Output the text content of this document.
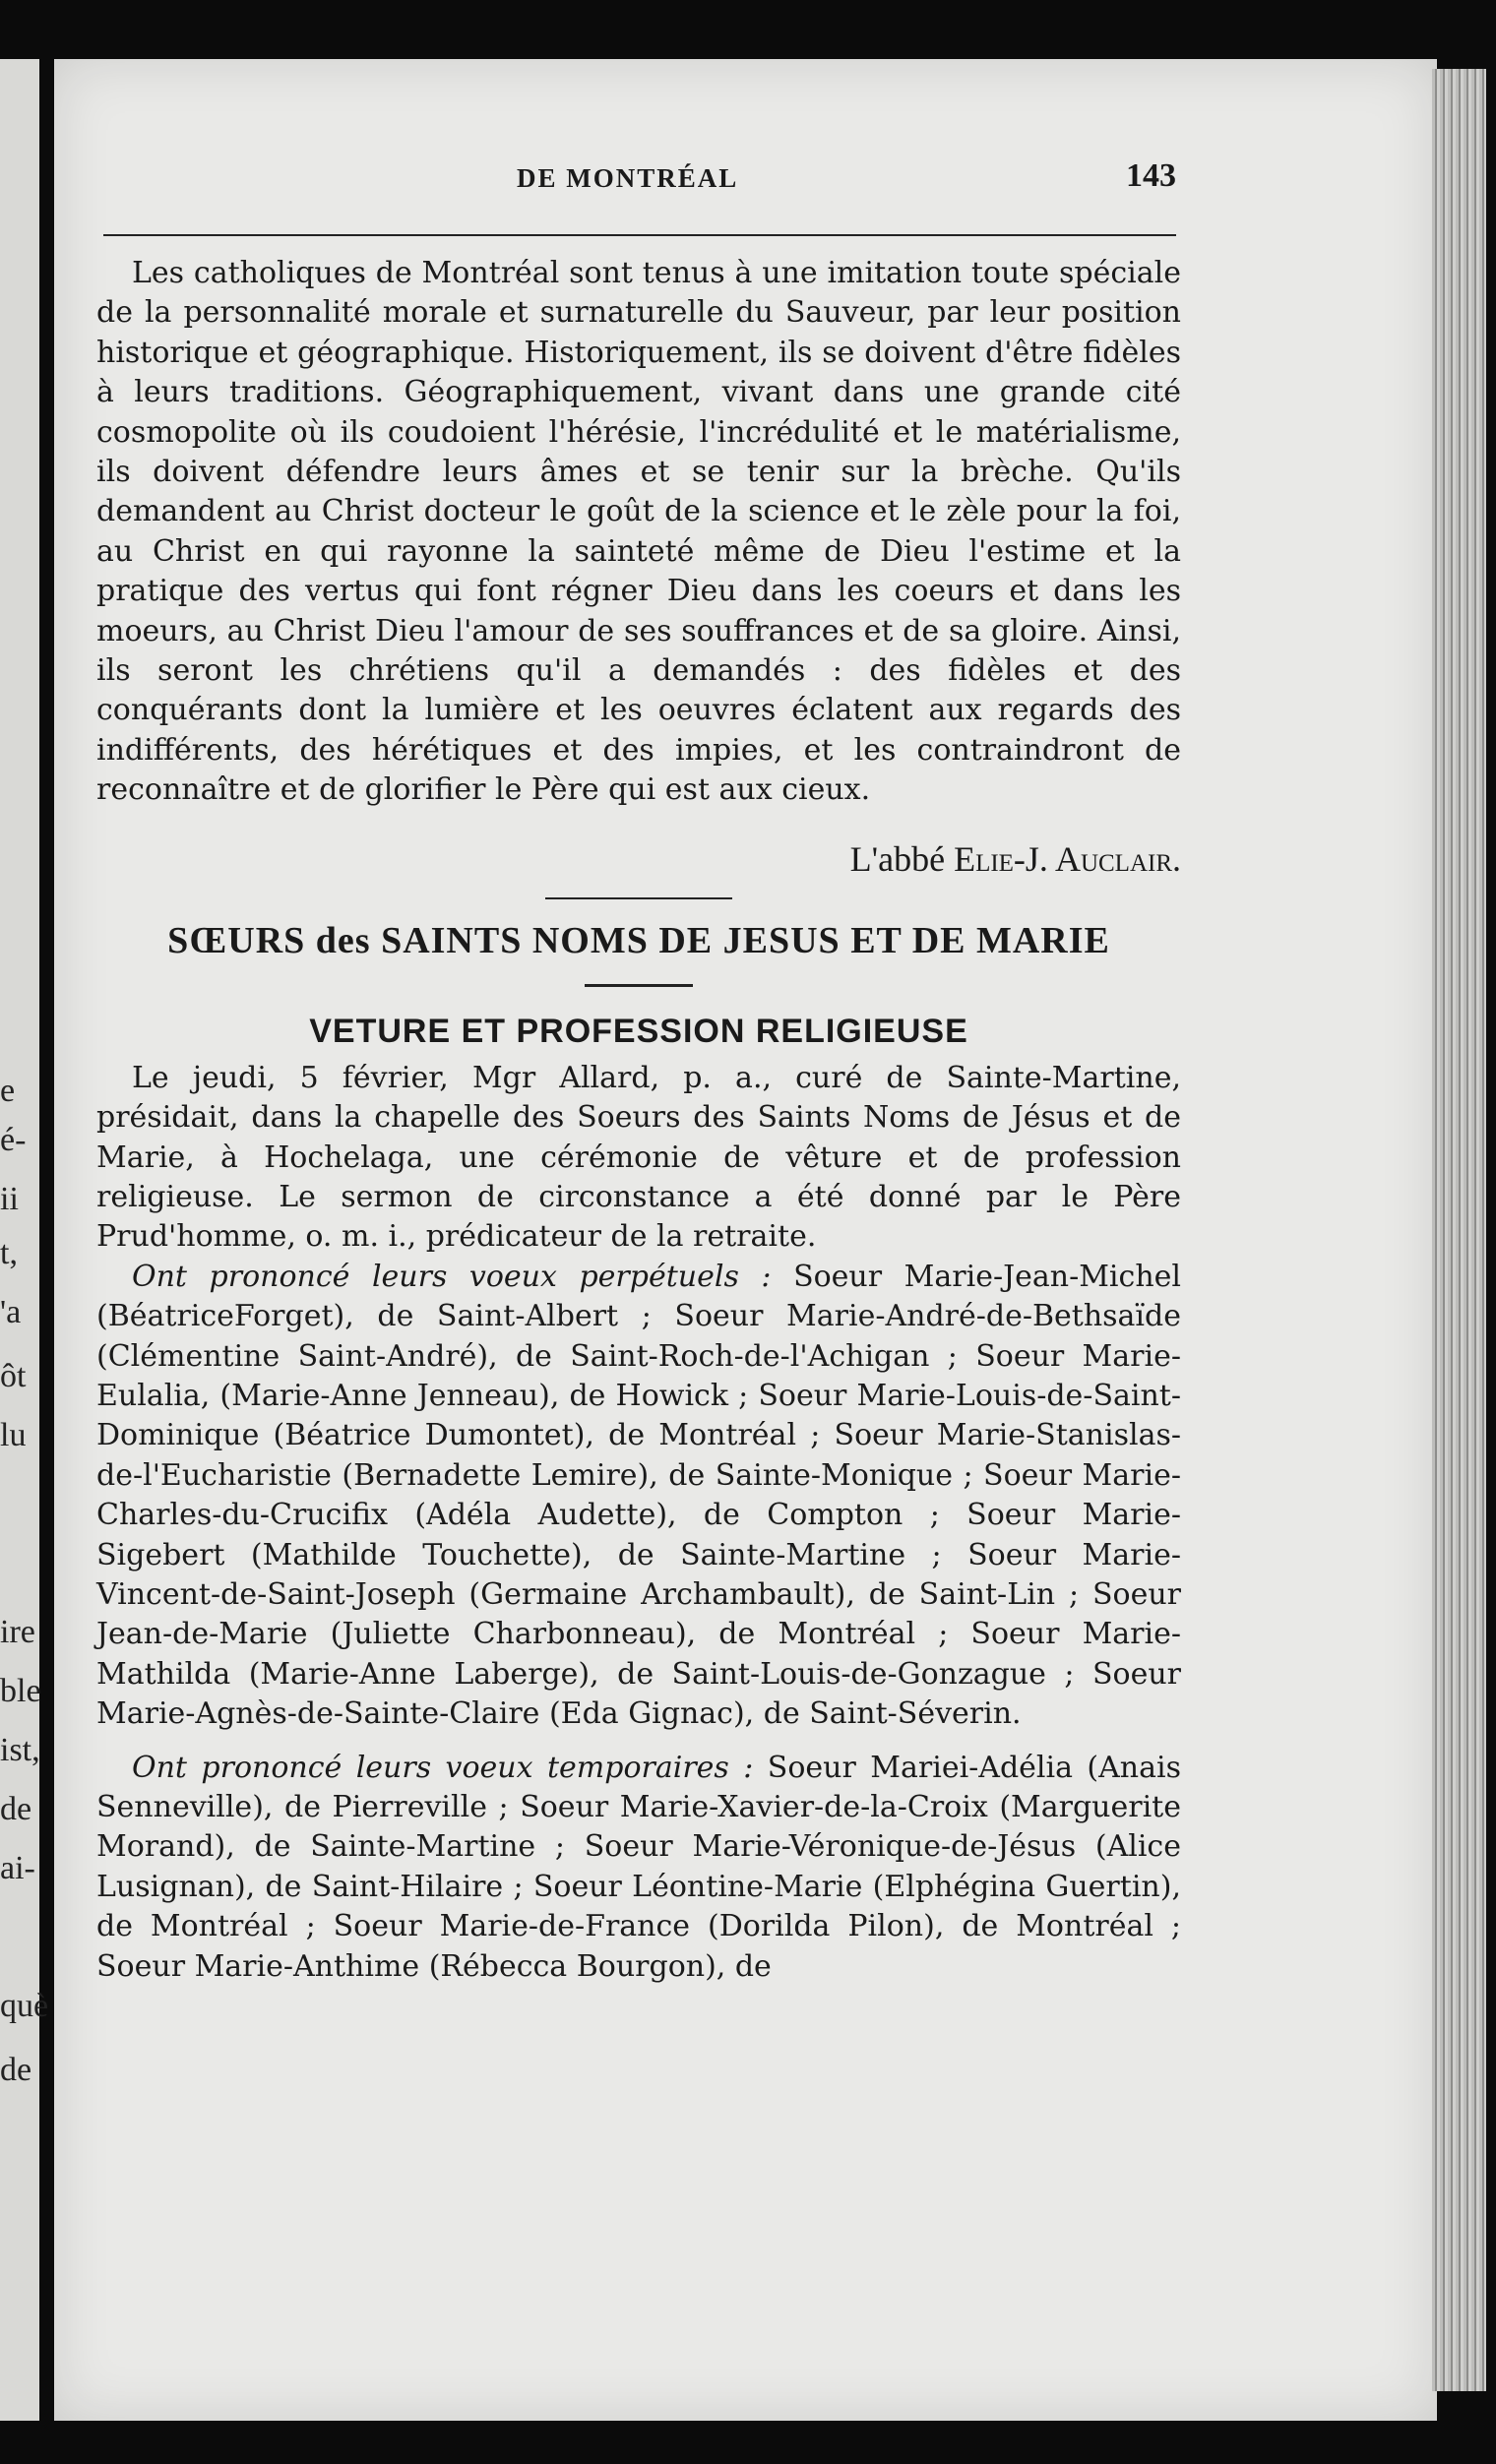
e
é-
ii
t,
'a
ôt
lu
ire
ble
ist,
de
ai-
què
de
DE MONTRÉAL	143

Les catholiques de Montréal sont tenus à une imitation toute spéciale de la personnalité morale et surnaturelle du Sauveur, par leur position historique et géographique. Historiquement, ils se doivent d'être fidèles à leurs traditions. Géographiquement, vivant dans une grande cité cosmopolite où ils coudoient l'hérésie, l'incrédulité et le matérialisme, ils doivent défendre leurs âmes et se tenir sur la brèche. Qu'ils demandent au Christ docteur le goût de la science et le zèle pour la foi, au Christ en qui rayonne la sainteté même de Dieu l'estime et la pratique des vertus qui font régner Dieu dans les coeurs et dans les moeurs, au Christ Dieu l'amour de ses souffrances et de sa gloire. Ainsi, ils seront les chrétiens qu'il a demandés : des fidèles et des conquérants dont la lumière et les oeuvres éclatent aux regards des indifférents, des hérétiques et des impies, et les contraindront de reconnaître et de glorifier le Père qui est aux cieux.

L'abbé Elie-J. Auclair.

SŒURS des SAINTS NOMS DE JESUS ET DE MARIE
VETURE ET PROFESSION RELIGIEUSE

Le jeudi, 5 février, Mgr Allard, p. a., curé de Sainte-Martine, présidait, dans la chapelle des Soeurs des Saints Noms de Jésus et de Marie, à Hochelaga, une cérémonie de vêture et de profession religieuse. Le sermon de circonstance a été donné par le Père Prud'homme, o. m. i., prédicateur de la retraite.

Ont prononcé leurs voeux perpétuels : Soeur Marie-Jean-Michel (BéatriceForget), de Saint-Albert ; Soeur Marie-André-de-Bethsaïde (Clémentine Saint-André), de Saint-Roch-de-l'Achigan ; Soeur Marie-Eulalia, (Marie-Anne Jenneau), de Howick ; Soeur Marie-Louis-de-Saint-Dominique (Béatrice Dumontet), de Montréal ; Soeur Marie-Stanislas-de-l'Eucharistie (Bernadette Lemire), de Sainte-Monique ; Soeur Marie-Charles-du-Crucifix (Adéla Audette), de Compton ; Soeur Marie-Sigebert (Mathilde Touchette), de Sainte-Martine ; Soeur Marie-Vincent-de-Saint-Joseph (Germaine Archambault), de Saint-Lin ; Soeur Jean-de-Marie (Juliette Charbonneau), de Montréal ; Soeur Marie-Mathilda (Marie-Anne Laberge), de Saint-Louis-de-Gonzague ; Soeur Marie-Agnès-de-Sainte-Claire (Eda Gignac), de Saint-Séverin.

Ont prononcé leurs voeux temporaires : Soeur Mariei-Adélia (Anais Senneville), de Pierreville ; Soeur Marie-Xavier-de-la-Croix (Marguerite Morand), de Sainte-Martine ; Soeur Marie-Véronique-de-Jésus (Alice Lusignan), de Saint-Hilaire ; Soeur Léontine-Marie (Elphégina Guertin), de Montréal ; Soeur Marie-de-France (Dorilda Pilon), de Montréal ; Soeur Marie-Anthime (Rébecca Bourgon), de
